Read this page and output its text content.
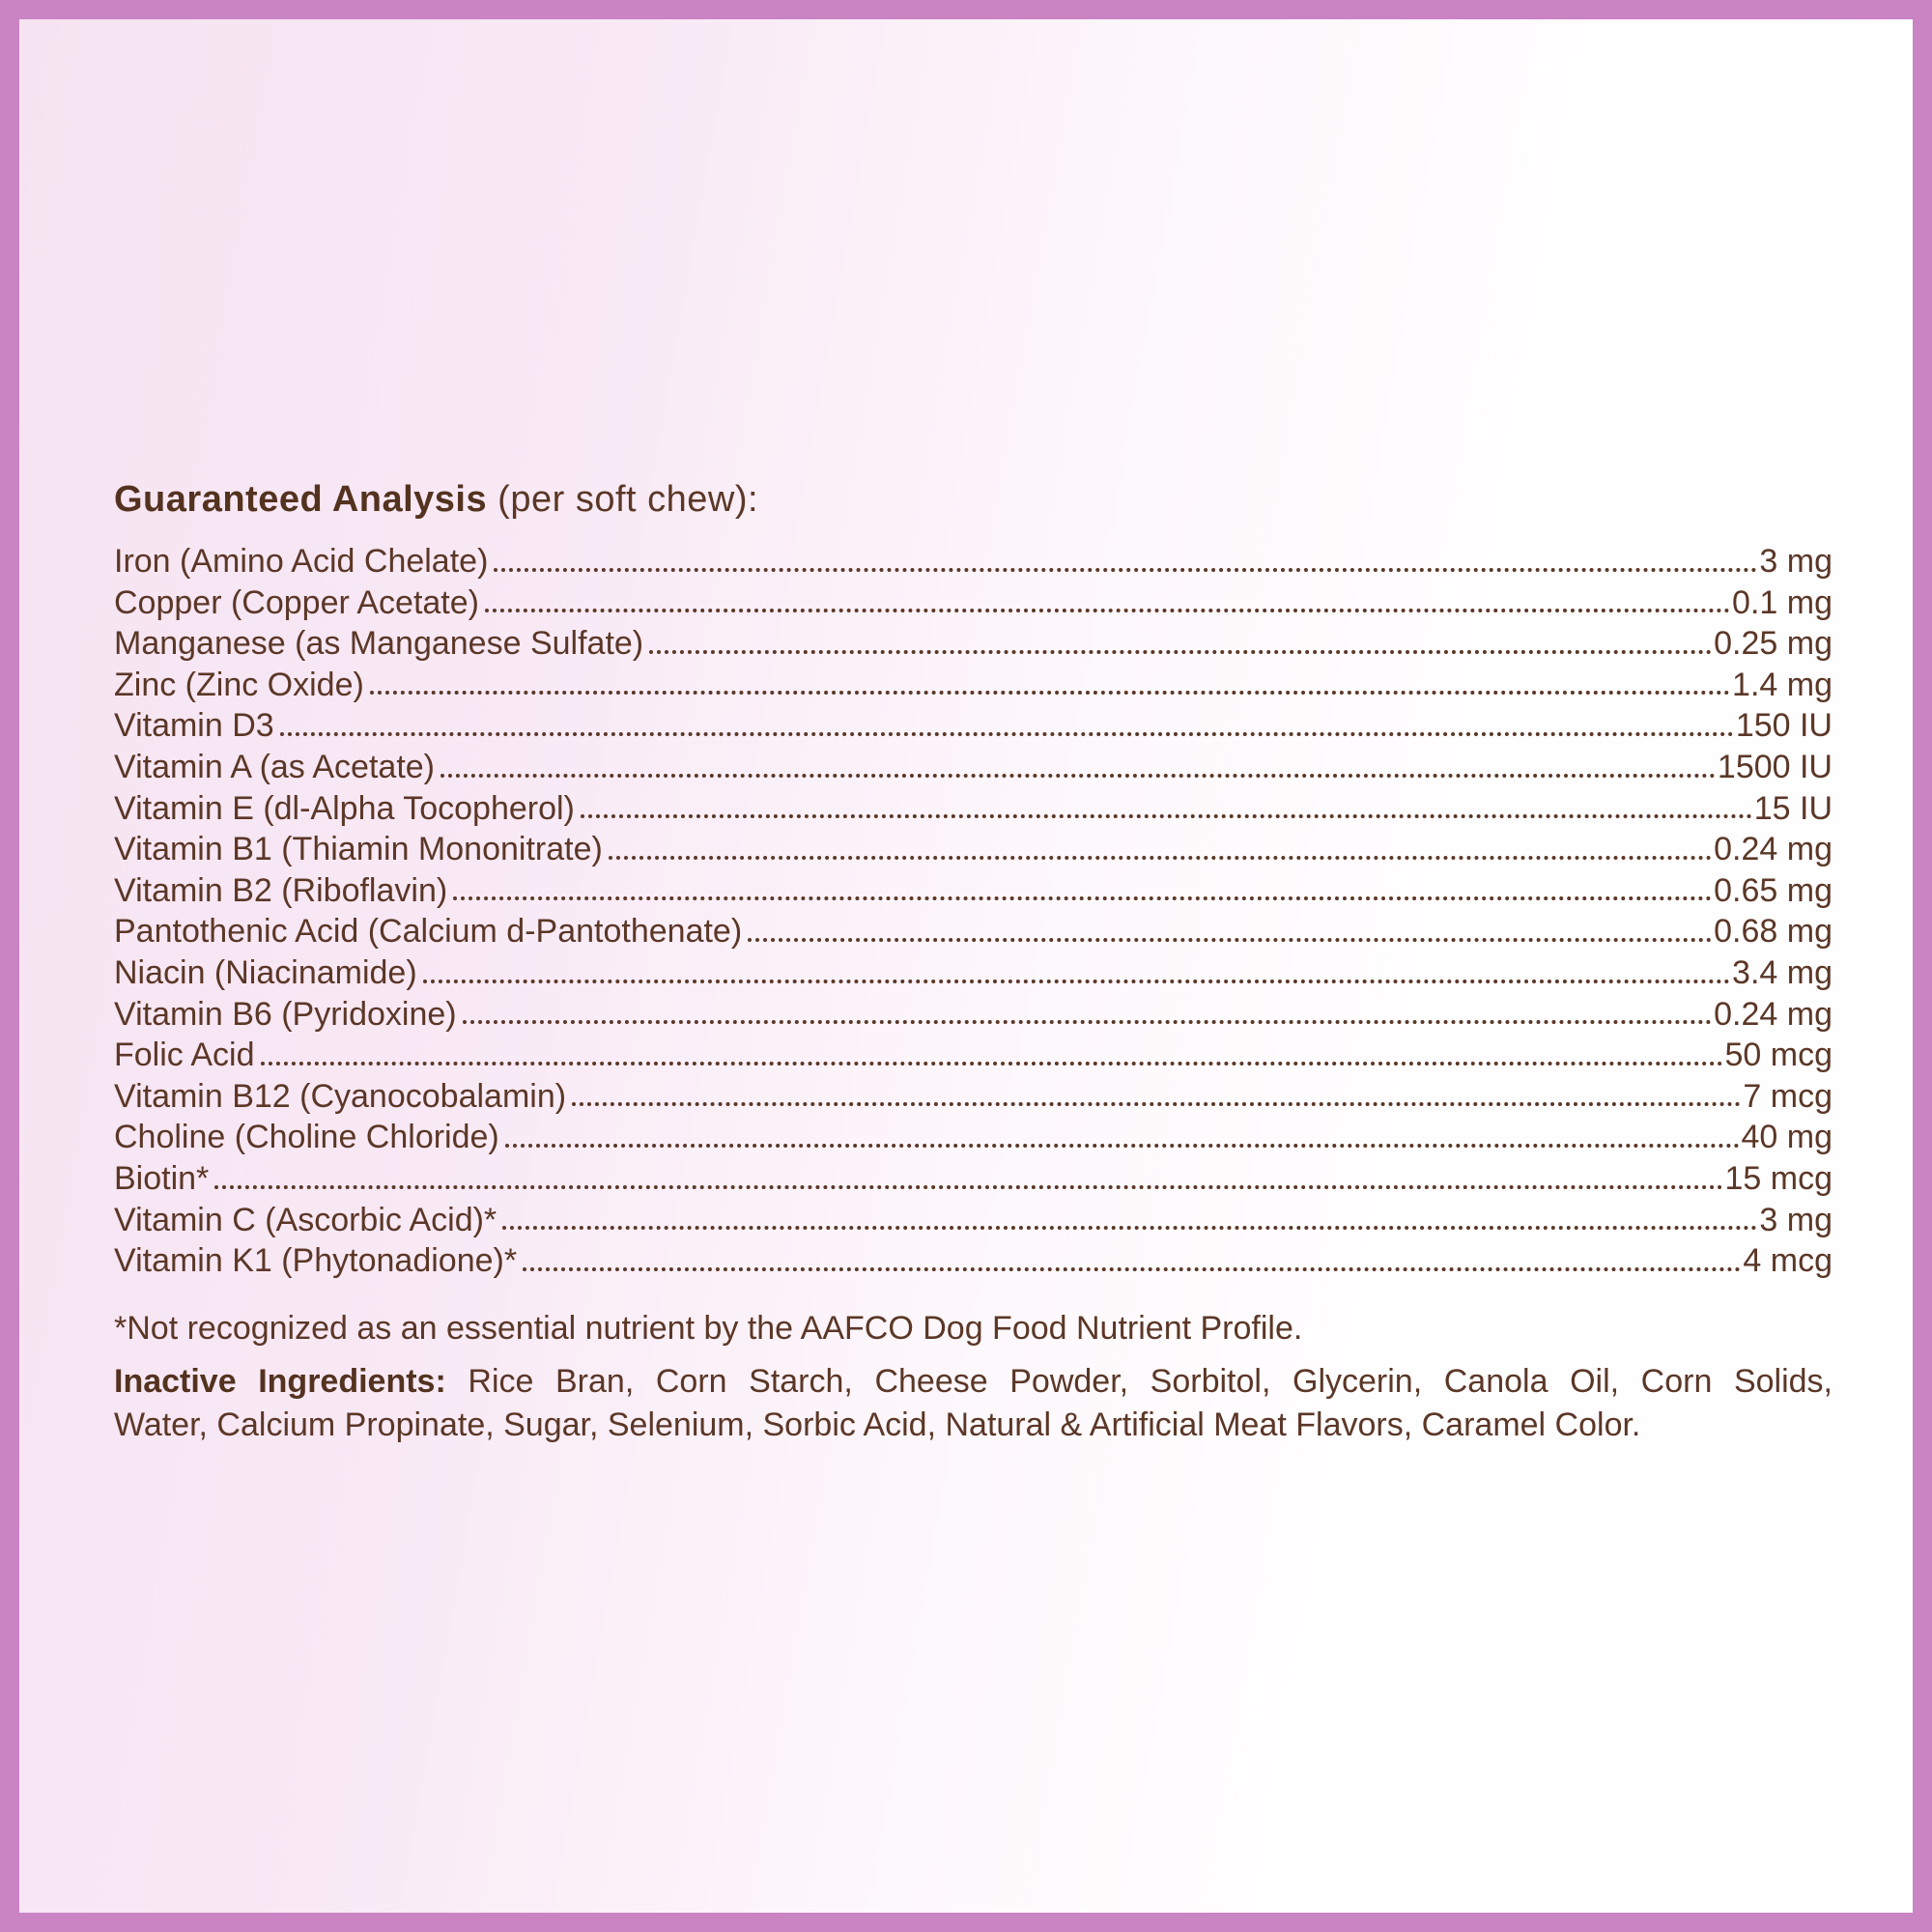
Guaranteed Analysis (per soft chew):
Iron (Amino Acid Chelate)	3 mg
Copper (Copper Acetate)	0.1 mg
Manganese (as Manganese Sulfate)	0.25 mg
Zinc (Zinc Oxide)	1.4 mg
Vitamin D3	150 IU
Vitamin A (as Acetate)	1500 IU
Vitamin E (dl-Alpha Tocopherol)	15 IU
Vitamin B1 (Thiamin Mononitrate)	0.24 mg
Vitamin B2 (Riboflavin)	0.65 mg
Pantothenic Acid (Calcium d-Pantothenate)	0.68 mg
Niacin (Niacinamide)	3.4 mg
Vitamin B6 (Pyridoxine)	0.24 mg
Folic Acid	50 mcg
Vitamin B12 (Cyanocobalamin)	7 mcg
Choline (Choline Chloride)	40 mg
Biotin*	15 mcg
Vitamin C (Ascorbic Acid)*	3 mg
Vitamin K1 (Phytonadione)*	4 mcg
*Not recognized as an essential nutrient by the AAFCO Dog Food Nutrient Profile.
Inactive Ingredients: Rice Bran, Corn Starch, Cheese Powder, Sorbitol, Glycerin, Canola Oil, Corn Solids,
Water, Calcium Propinate, Sugar, Selenium, Sorbic Acid, Natural & Artificial Meat Flavors, Caramel Color.
